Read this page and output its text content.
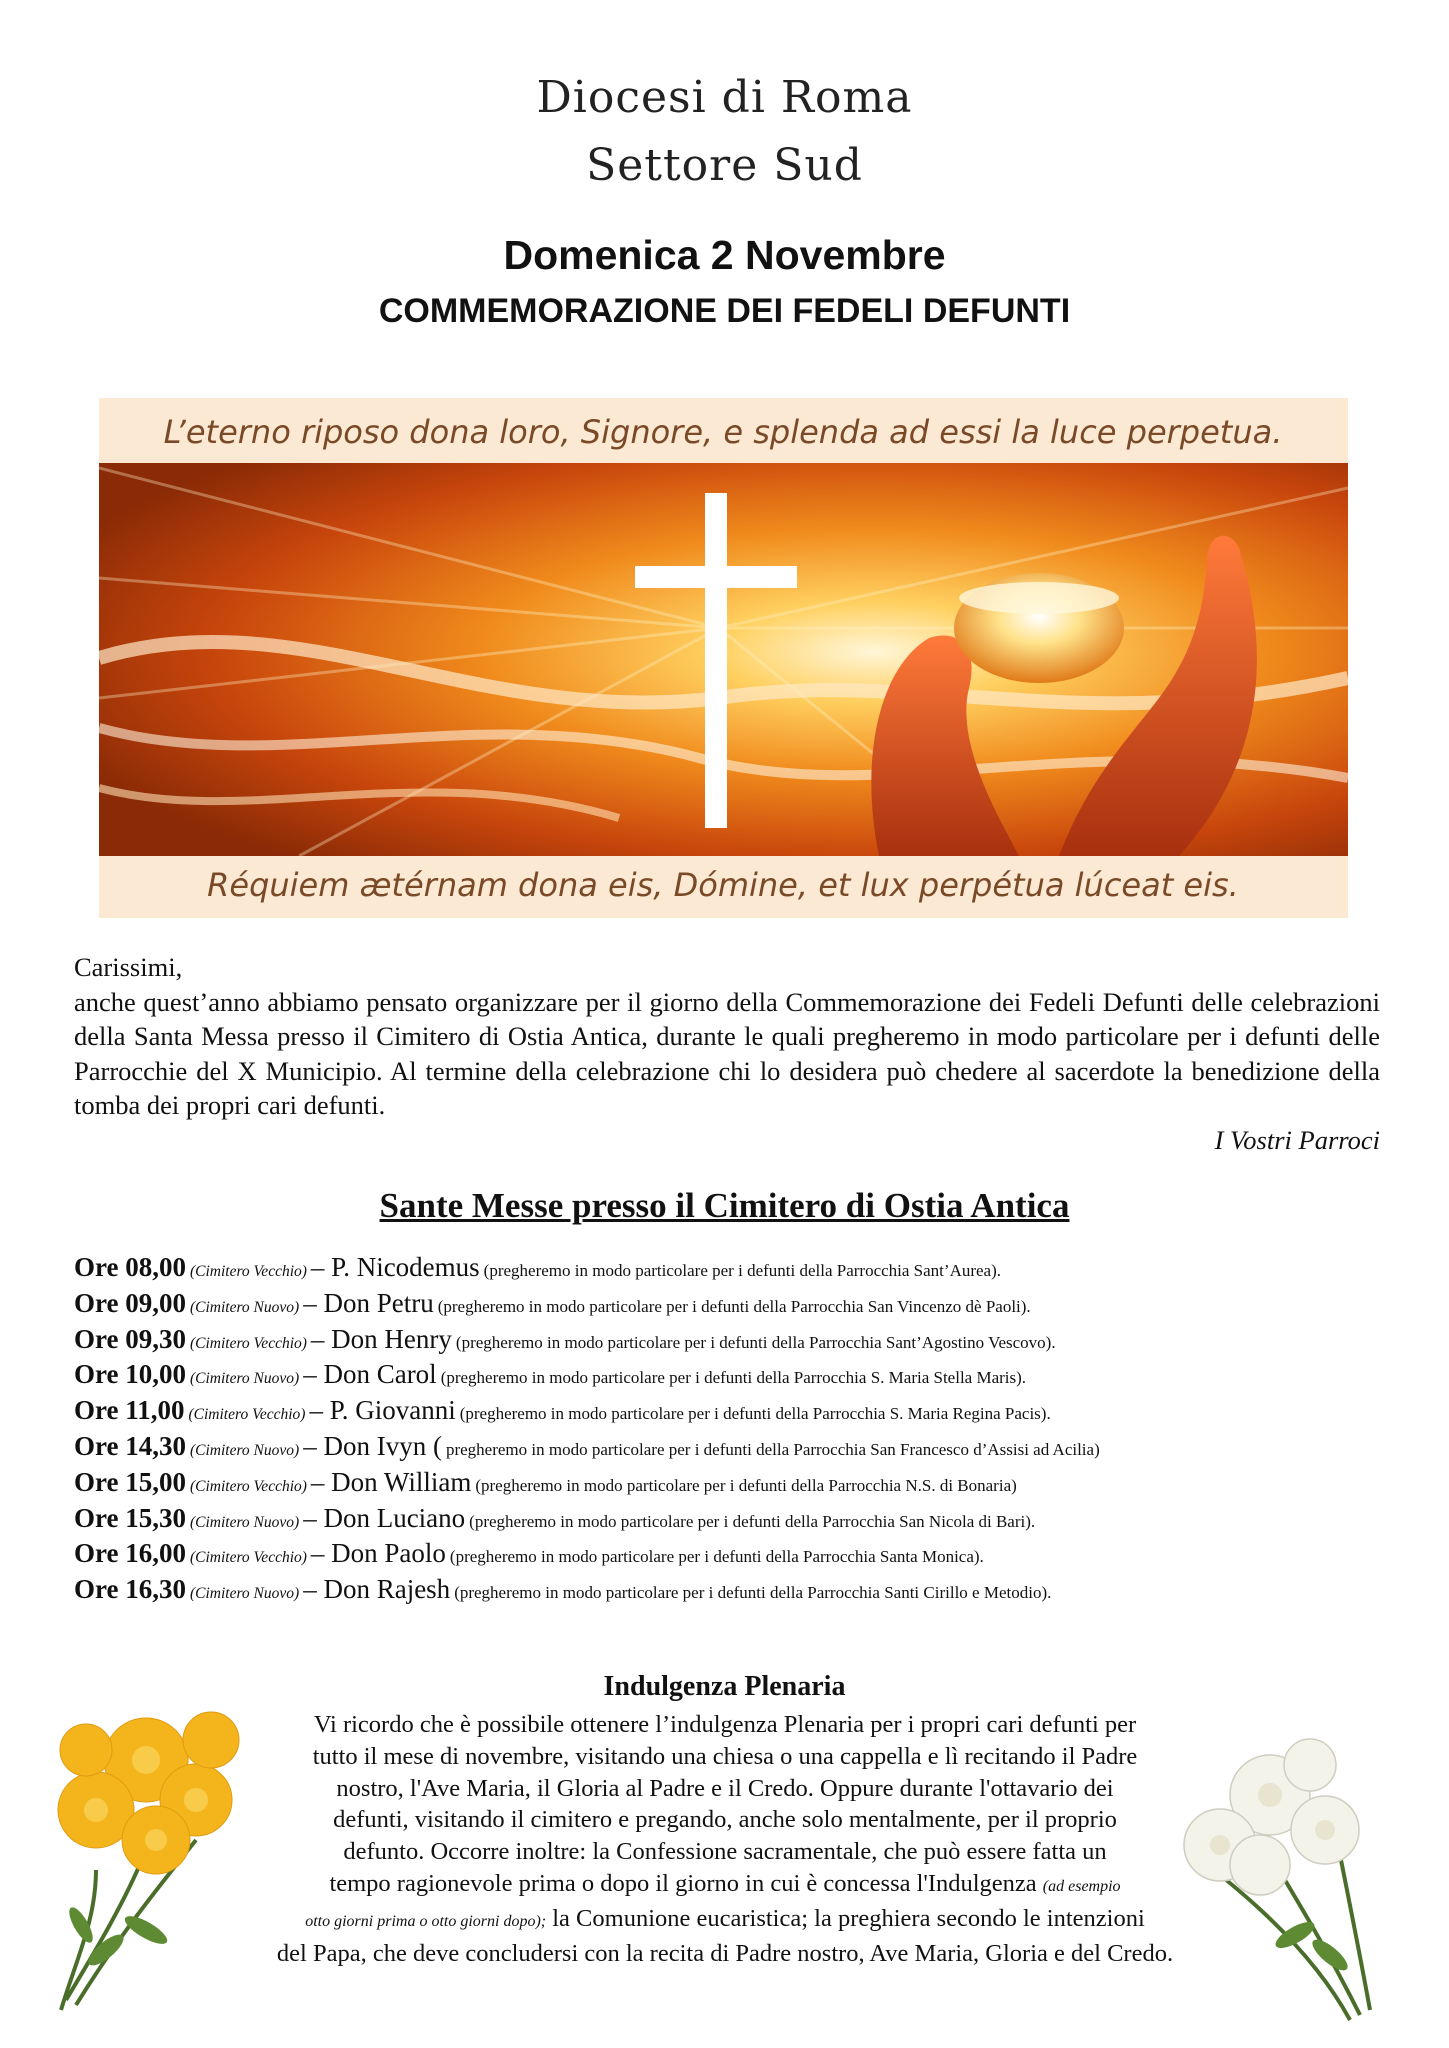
Diocesi di Roma
Settore Sud
Domenica 2 Novembre
COMMEMORAZIONE DEI FEDELI DEFUNTI
L’eterno riposo dona loro, Signore, e splenda ad essi la luce perpetua.
Réquiem ætérnam dona eis, Dómine, et lux perpétua lúceat eis.
Carissimi,
anche quest’anno abbiamo pensato organizzare per il giorno della Commemorazione dei Fedeli Defunti delle celebrazioni della Santa Messa presso il Cimitero di Ostia Antica, durante le quali pregheremo in modo particolare per i defunti delle Parrocchie del X Municipio. Al termine della celebrazione chi lo desidera può chedere al sacerdote la benedizione della tomba dei propri cari defunti.
I Vostri Parroci
Sante Messe presso il Cimitero di Ostia Antica
Ore 08,00 (Cimitero Vecchio) – P. Nicodemus (pregheremo in modo particolare per i defunti della Parrocchia Sant’Aurea).
Ore 09,00 (Cimitero Nuovo) – Don Petru (pregheremo in modo particolare per i defunti della Parrocchia San Vincenzo dè Paoli).
Ore 09,30 (Cimitero Vecchio) – Don Henry (pregheremo in modo particolare per i defunti della Parrocchia Sant’Agostino Vescovo).
Ore 10,00 (Cimitero Nuovo) – Don Carol (pregheremo in modo particolare per i defunti della Parrocchia S. Maria Stella Maris).
Ore 11,00 (Cimitero Vecchio) – P. Giovanni (pregheremo in modo particolare per i defunti della Parrocchia S. Maria Regina Pacis).
Ore 14,30 (Cimitero Nuovo) – Don Ivyn ( pregheremo in modo particolare per i defunti della Parrocchia San Francesco d’Assisi ad Acilia)
Ore 15,00 (Cimitero Vecchio) – Don William (pregheremo in modo particolare per i defunti della Parrocchia N.S. di Bonaria)
Ore 15,30 (Cimitero Nuovo) – Don Luciano (pregheremo in modo particolare per i defunti della Parrocchia San Nicola di Bari).
Ore 16,00 (Cimitero Vecchio) – Don Paolo (pregheremo in modo particolare per i defunti della Parrocchia Santa Monica).
Ore 16,30 (Cimitero Nuovo) – Don Rajesh (pregheremo in modo particolare per i defunti della Parrocchia Santi Cirillo e Metodio).
Indulgenza Plenaria
Vi ricordo che è possibile ottenere l’indulgenza Plenaria per i propri cari defunti per
tutto il mese di novembre, visitando una chiesa o una cappella e lì recitando il Padre
nostro, l'Ave Maria, il Gloria al Padre e il Credo. Oppure durante l'ottavario dei
defunti, visitando il cimitero e pregando, anche solo mentalmente, per il proprio
defunto. Occorre inoltre: la Confessione sacramentale, che può essere fatta un
tempo ragionevole prima o dopo il giorno in cui è concessa l'Indulgenza (ad esempio
otto giorni prima o otto giorni dopo); la Comunione eucaristica; la preghiera secondo le intenzioni
del Papa, che deve concludersi con la recita di Padre nostro, Ave Maria, Gloria e del Credo.
